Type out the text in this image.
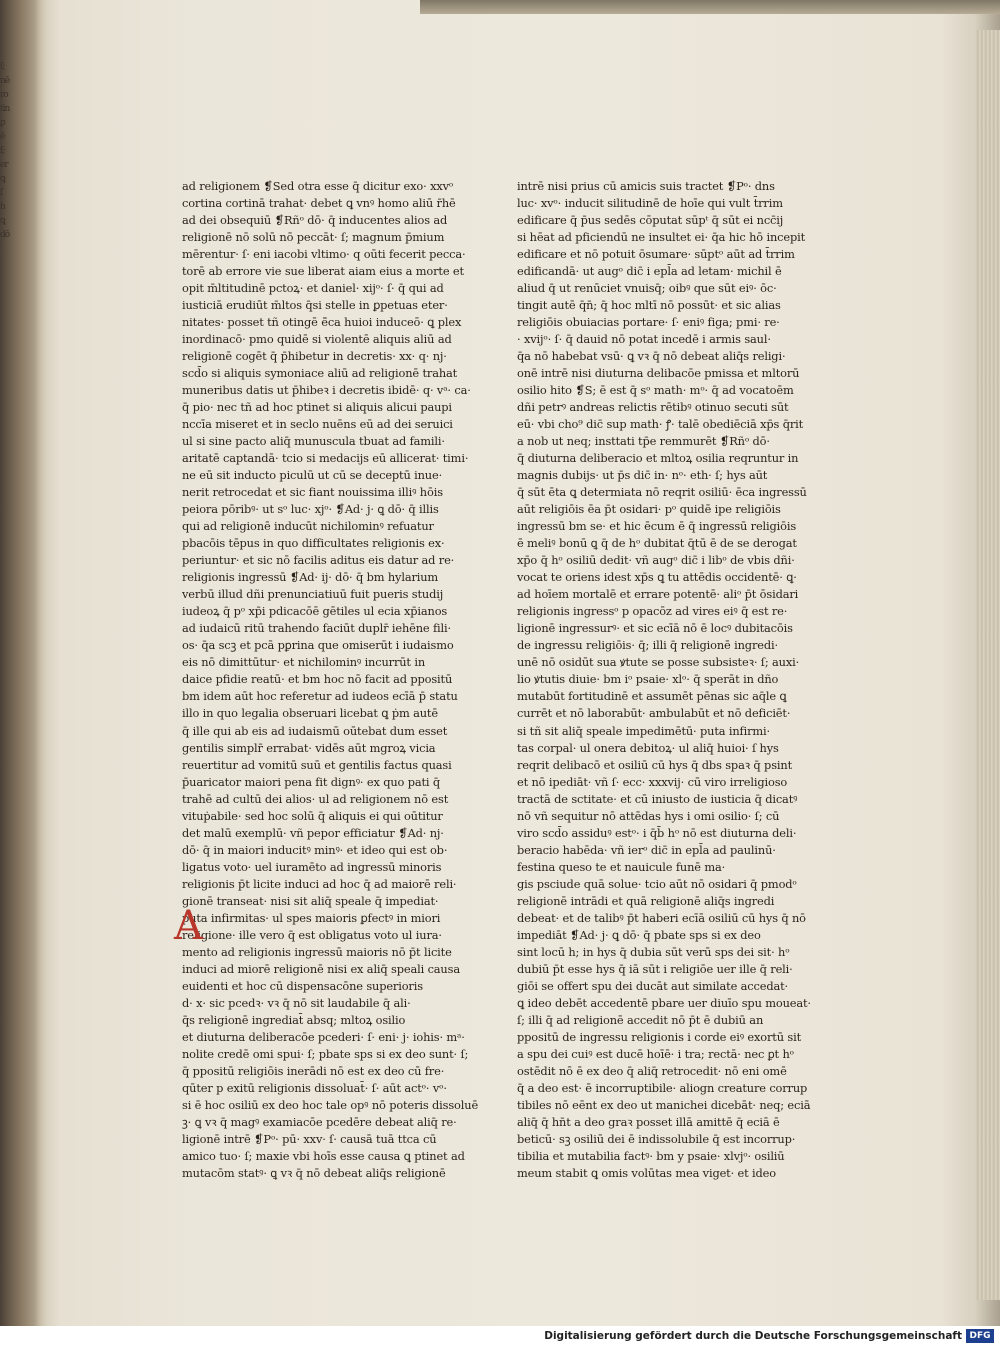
ſ;
nē
ro
tin
ꝑ
ē
ſ;
er
ꝗ
ſ
h
ꝗ
dō
ad religionem ❡Sed otra esse q̄ dicitur exo· xxvᵒ
cortina cortinā trahat· debet ꝗ vnꝰ homo aliū r̄hē
ad dei obsequiū ❡Rñᵒ dō· q̄ inducentes alios ad
religionē nō solū nō peccāt· ſ; magnum p̄mium
mērentur· ſ· eni iacobi vltimo· q oūti fecerit pecca·
torē ab errore vie sue liberat aiam eius a morte et
opit m̄ltitudinē pctoꝝ· et daniel· xijᵒ· ſ· q̄ qui ad
iusticiā erudiūt m̄ltos q̄si stelle in ꝑpetuas eter·
nitates· posset tñ otingē ē̄ca huioi induceō· ꝗ plex
inordinacō· pmo quidē si violentē aliquis aliū ad
religionē cogēt q̄ p̄hibetur in decretis· xx· q· nj·
scd̄o si aliquis symoniace aliū ad religionē trahat
muneribus datis ut p̄hibeꝛ i decretis ibidē· q· vᵃ· ca·
q̄ pio· nec tñ ad hoc ptinet si aliquis alicui paupi
nccīa miseret et in seclo nuēns eū ad dei seruici
ul si sine pacto aliq̄ munuscula tbuat ad famili·
aritatē captandā· tcio si medacijs eū allicerat· timi·
ne eū sit inducto piculū ut cū se deceptū inue·
nerit retrocedat et sic fiant nouissima illiꝰ hōis
peiora pōribꝰ· ut sᵒ luc· xjᵒ· ❡Ad· j· ꝗ dō· q̄ illis
qui ad religionē inducūt nichilominꝰ refuatur
pbacōis tēpus in quo difficultates religionis ex·
periuntur· et sic nō facilis aditus eis datur ad re·
religionis ingressū ❡Ad· ij· dō· q̄ bm hylarium
verbū illud dñi prenunciatiuū fuit pueris studij
iudeoꝝ q̄ pᵒ xp̄i pdicacōē gētiles ul ecia xp̄ianos
ad iudaicū ritū trahendo faciūt duplr̄ iehēne fili·
os· q̄a scꝫ et pcā pꝑrina que omiserūt i iudaismo
eis nō dimittūtur· et nichilominꝰ incurrūt in
daice pfidie reatū· et bm hoc nō facit ad ppositū
bm idem aūt hoc referetur ad iudeos ecīā p̄ statu
illo in quo legalia obseruari licebat ꝗ ṗm autē
q̄ ille qui ab eis ad iudaismū oūtebat dum esset
gentilis simplr̄ errabat· vidēs aūt mgroꝝ vicia
reuertitur ad vomitū suū et gentilis factus quasi
p̄uaricator maiori pena fit dignꝰ· ex quo pati q̄
trahē ad cultū dei alios· ul ad religionem nō est
vituṗabile· sed hoc solū q̄ aliquis ei qui oūtitur
det malū exemplū· vñ pepor efficiatur ❡Ad· nj·
dō· q̄ in maiori inducitꝰ minꝰ· et ideo qui est ob·
ligatus voto· uel iuramēto ad ingressū minoris
religionis p̄t licite induci ad hoc q̄ ad maiorē reli·
gionē transeat· nisi sit aliq̄ speale q̄ impediat·
puta infirmitas· ul spes maioris ꝑfectꝰ in miori
religione· ille vero q̄ est obligatus voto ul iura·
mento ad religionis ingressū maioris nō p̄t licite
induci ad miorē religionē nisi ex aliq̄ speali causa
euidenti et hoc cū dispensacōne superioris
d· x· sic pcedꝛ· vꝛ q̄ nō sit laudabile q̄ ali·
q̄s religionē ingrediat̄ absq; mltoꝝ osilio
et diuturna deliberacōe pcederi· ſ· eni· j· iohis· mᵃ·
nolite credē omi spui· ſ; pbate sps si ex deo sunt· ſ;
q̄ ppositū religiōis inerādi nō est ex deo cū fre·
qūter p exitū religionis dissoluat̄· ſ· aūt actᵒ· vᵒ·
si ē hoc osiliū ex deo hoc tale opꝰ nō poteris dissoluē
ꝫ· ꝗ vꝛ q̄ magꝰ examiacōe pcedēre debeat aliq̄ re·
ligionē intrē ❡Pᵒ· pū· xxv· ſ· causā tuā ttca cū
amico tuo· ſ; maxie vbi hoīs esse causa ꝗ ptinet ad
mutacōm statꝰ· ꝗ vꝛ q̄ nō debeat aliq̄s religionē
A
intrē nisi prius cū amicis suis tractet ❡Pᵒ· dns
luc· xvᵒ· inducit silitudinē de hoīe qui vult t̄rrim
edificare q̄ p̄us sedēs cōputat sūpᵗ q̄ sūt ei ncc̄ij
si hēat ad pficiendū ne insultet ei· q̄a hic hō incepit
edificare et nō potuit ōsumare· sūptᵒ aūt ad t̄rrim
edificandā· ut augᵒ dic̄ i epl̄a ad letam· michil ē
aliud q̄ ut renūciet vnuisq̄; oibꝰ que sūt eiꝰ· ōc·
tingit autē q̄n̄; q̄ hoc mltī nō possūt· et sic alias
religiōis obuiacias portare· ſ· eniꝰ figa; pmi· re·
· xvijᵒ· ſ· q̄ dauid nō potat incedē i armis saul·
q̄a nō habebat vsū· ꝗ vꝛ q̄ nō debeat aliq̄s religi·
onē intrē nisi diuturna delibacōe pmissa et mltorū
osilio hito ❡S; ē est q̄ sᵒ math· mᵒ· q̄ ad vocatoēm
dñi petrꝰ andreas relictis rētibꝰ otinuo secuti sūt
eū· vbi cho⁹ dic̄ sup math· ꝭ· talē obediēciā xp̄s q̄rit
a nob ut neq; insttati tp̄e remmurēt ❡Rñᵒ dō·
q̄ diuturna deliberacio et mltoꝝ osilia reqruntur in
magnis dubijs· ut p̄s dic̄ in· nᵒ· eth· ſ; hys aūt
q̄ sūt ēta ꝗ determiata nō reqrit osiliū· ēca ingressū
aūt religiōis ēa p̄t osidari· pᵒ quidē ipe religiōis
ingressū bm se· et hic ēcum ē q̄ ingressū religiōis
ē meliꝰ bonū ꝗ q̄ de hᵒ dubitat q̄tū ē de se derogat
xp̄o q̄ hᵒ osiliū dedit· vñ augᵒ dic̄ i libᵒ de vbis dñi·
vocat te oriens idest xp̄s ꝗ tu attēdis occidentē· ꝗ·
ad hoīem mortalē et errare potentē· aliᵒ p̄t ōsidari
religionis ingressᵒ p opacōz ad vires eiꝰ q̄ est re·
ligionē ingressurꝰ· et sic ecīā nō ē locꝰ dubitacōis
de ingressu religiōis· q̄; illi q̄ religionē ingredi·
unē nō osidūt sua ꝟtute se posse subsisteꝛ· ſ; auxi·
lio ꝟtutis diuie· bm iᵒ psaie· xlᵒ· q̄ sperāt in dño
mutabūt fortitudinē et assumēt pēnas sic aq̄le ꝗ
currēt et nō laborabūt· ambulabūt et nō deficiēt·
si tñ sit aliq̄ speale impedimētū· puta infirmi·
tas corpal· ul onera debitoꝝ· ul aliq̄ huioi· ſ hys
reqrit delibacō et osiliū cū hys q̄ dbs spaꝛ q̄ psint
et nō ipediāt· vñ ſ· ecc· xxxvij· cū viro irreligioso
tractā de sctitate· et cū iniusto de iusticia q̄ dicatꝰ
nō vñ sequitur nō attēdas hys i omi osilio· ſ; cū
viro scd̄o assiduꝰ estᵒ· i q̄b̄ hᵒ nō est diuturna deli·
beracio habēda· vñ ierᵒ dic̄ in epl̄a ad paulinū·
festina queso te et nauicule funē ma·
gis psciude quā solue· tcio aūt nō osidari q̄ pmodᵒ
religionē intrādi et quā religionē aliq̄s ingredi
debeat· et de talibꝰ p̄t haberi ecīā osiliū cū hys q̄ nō
impediāt ❡Ad· j· ꝗ dō· q̄ pbate sps si ex deo
sint locū h; in hys q̄ dubia sūt verū sps dei sit· hᵒ
dubiū p̄t esse hys q̄ iā sūt i religiōe uer ille q̄ reli·
giōi se offert spu dei ducāt aut similate accedat·
ꝗ ideo debēt accedentē pbare uer diuīo spu moueat·
ſ; illi q̄ ad religionē accedit nō p̄t ē dubiū an
ppositū de ingressu religionis i corde eiꝰ exortū sit
a spu dei cuiꝰ est ducē hoīē· i tra; rectā· nec ꝑt hᵒ
ostēdit nō ē ex deo q̄ aliq̄ retrocedit· nō eni omē
q̄ a deo est· ē incorruptibile· aliogn creature corrup
tibiles nō eēnt ex deo ut manichei dicebāt· neq; eciā
aliq̄ q̄ hn̄t a deo graꝛ posset illā amittē q̄ eciā ē
beticū· sꝫ osiliū dei ē indissolubile q̄ est incorrup·
tibilia et mutabilia factꝰ· bm y psaie· xlvjᵒ· osiliū
meum stabit ꝗ omis volūtas mea viget· et ideo
Digitalisierung gefördert durch die Deutsche Forschungsgemeinschaft DFG
